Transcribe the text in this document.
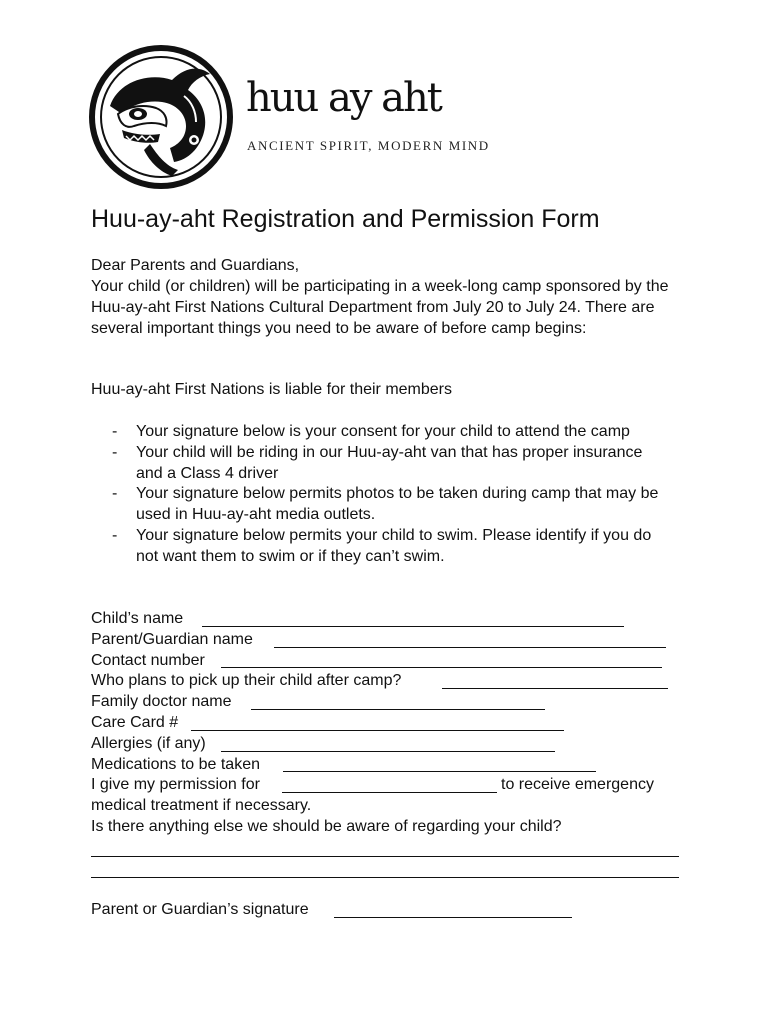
huu ay aht
ANCIENT SPIRIT, MODERN MIND
Huu-ay-aht Registration and Permission Form
Dear Parents and Guardians,
Your child (or children) will be participating in a week-long camp sponsored by the Huu-ay-aht First Nations Cultural Department from July 20 to July 24. There are several important things you need to be aware of before camp begins:
Huu-ay-aht First Nations is liable for their members
- Your signature below is your consent for your child to attend the camp
- Your child will be riding in our Huu-ay-aht van that has proper insurance and a Class 4 driver
- Your signature below permits photos to be taken during camp that may be used in Huu-ay-aht media outlets.
- Your signature below permits your child to swim. Please identify if you do not want them to swim or if they can’t swim.
Child’s name
Parent/Guardian name
Contact number
Who plans to pick up their child after camp?
Family doctor name
Care Card #
Allergies (if any)
Medications to be taken
I give my permission for	to receive emergency
medical treatment if necessary.
Is there anything else we should be aware of regarding your child?
Parent or Guardian’s signature
